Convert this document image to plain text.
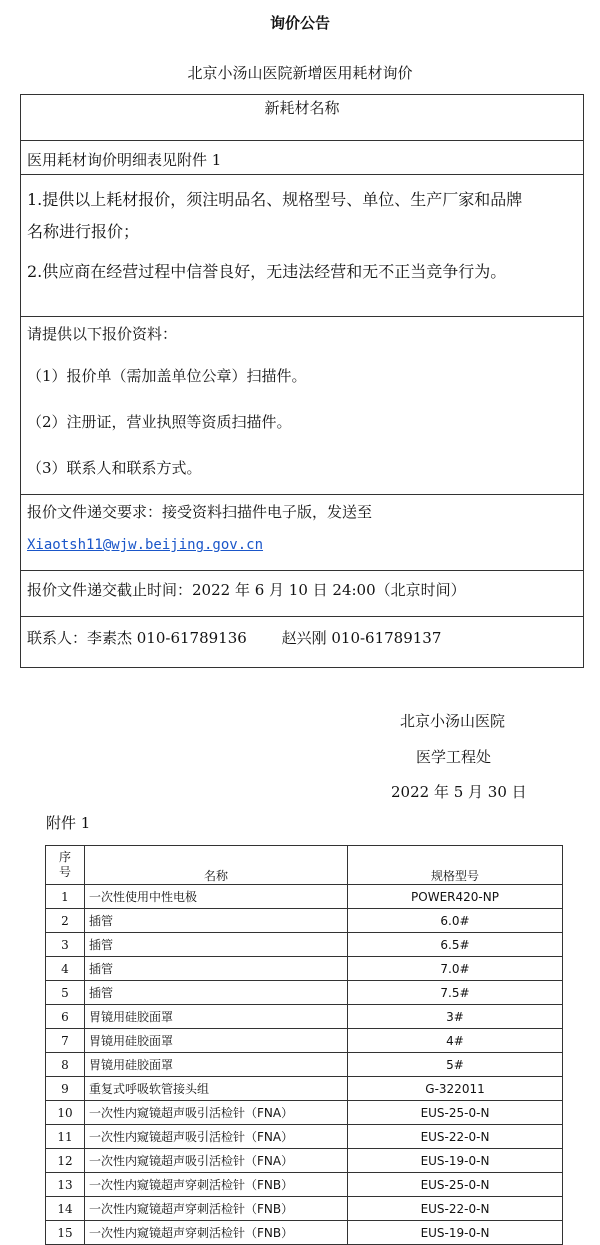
询价公告
北京小汤山医院新增医用耗材询价

新耗材名称

医用耗材询价明细表见附件 1

1.提供以上耗材报价，须注明品名、规格型号、单位、生产厂家和品牌

名称进行报价；

2.供应商在经营过程中信誉良好，无违法经营和无不正当竞争行为。

请提供以下报价资料：

（1）报价单（需加盖单位公章）扫描件。

（2）注册证，营业执照等资质扫描件。

（3）联系人和联系方式。

报价文件递交要求：接受资料扫描件电子版，发送至

Xiaotsh11@wjw.beijing.gov.cn

报价文件递交截止时间：2022 年 6 月 10 日 24:00（北京时间）

联系人：李素杰 010-61789136　　 赵兴刚 010-61789137

北京小汤山医院
医学工程处
2022 年 5 月 30 日
附件 1
序
号	名称	规格型号
1	一次性使用中性电极	POWER420-NP
2	插管	6.0#
3	插管	6.5#
4	插管	7.0#
5	插管	7.5#
6	胃镜用硅胶面罩	3#
7	胃镜用硅胶面罩	4#
8	胃镜用硅胶面罩	5#
9	重复式呼吸软管接头组	G-322011
10	一次性内窥镜超声吸引活检针（FNA）	EUS-25-0-N
11	一次性内窥镜超声吸引活检针（FNA）	EUS-22-0-N
12	一次性内窥镜超声吸引活检针（FNA）	EUS-19-0-N
13	一次性内窥镜超声穿刺活检针（FNB）	EUS-25-0-N
14	一次性内窥镜超声穿刺活检针（FNB）	EUS-22-0-N
15	一次性内窥镜超声穿刺活检针（FNB）	EUS-19-0-N
